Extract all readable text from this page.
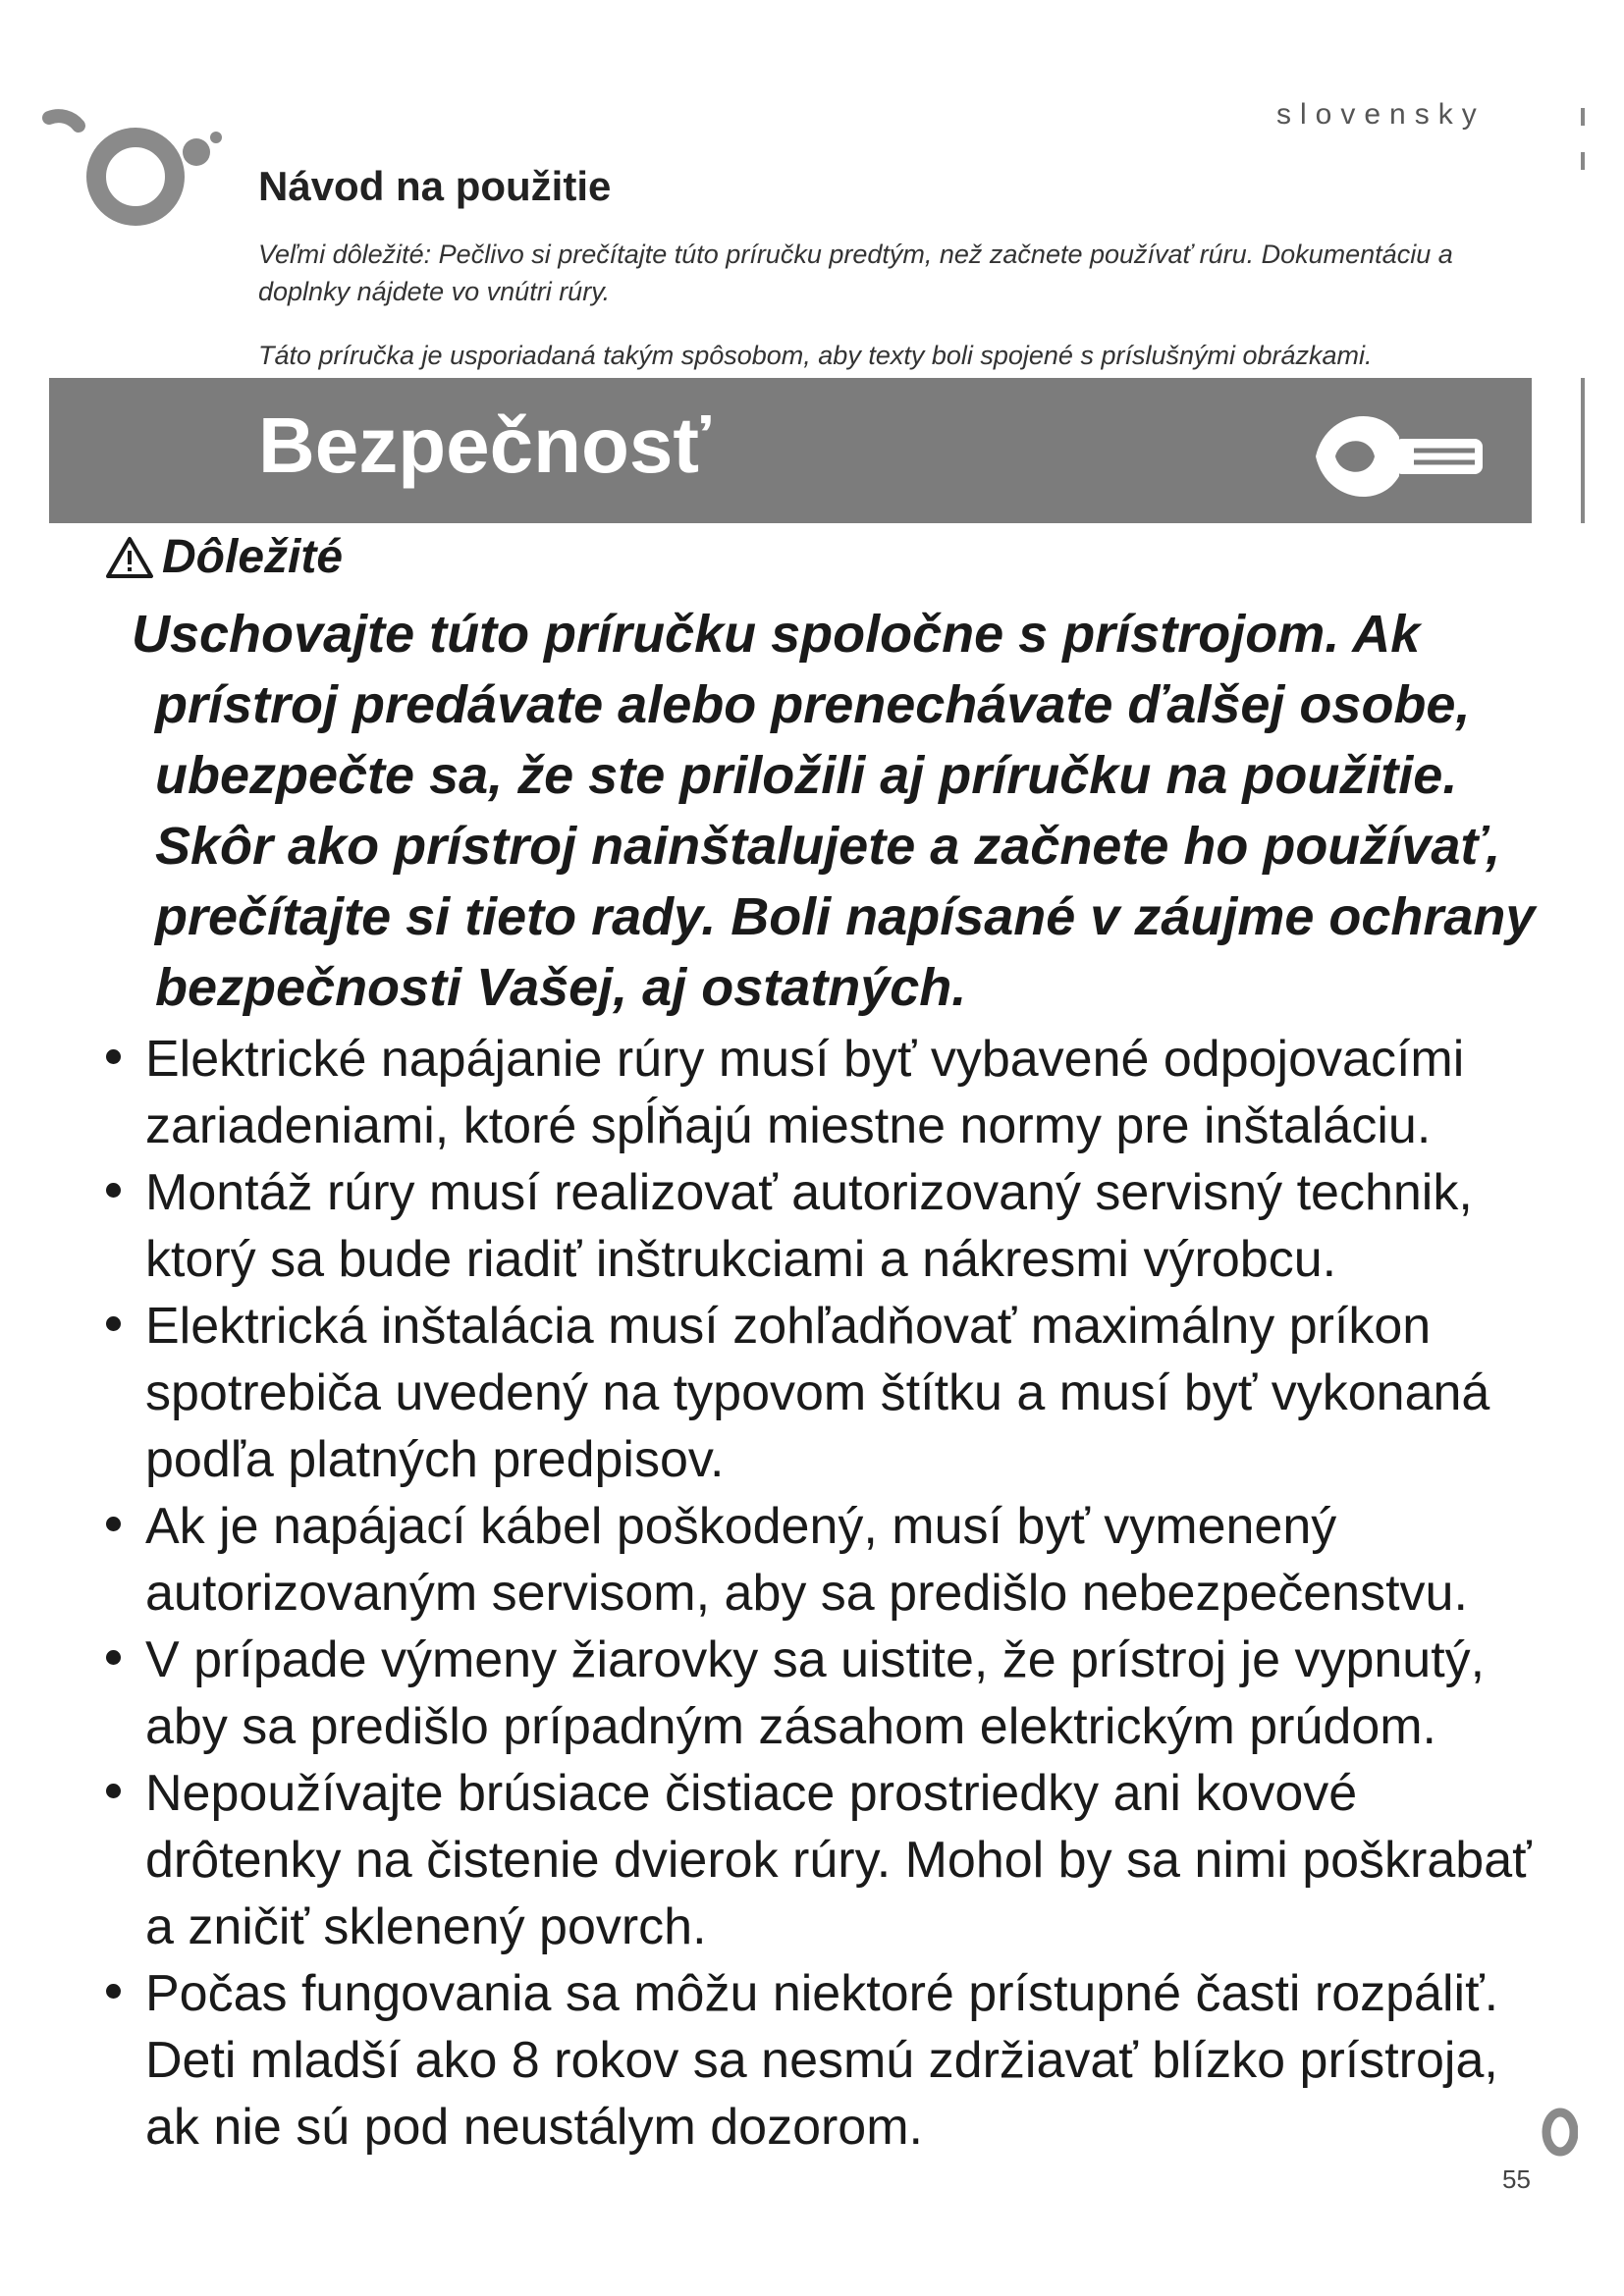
slovensky
Návod na použitie
Veľmi dôležité: Pečlivo si prečítajte túto príručku predtým, než začnete používať rúru. Dokumentáciu a doplnky nájdete vo vnútri rúry.
Táto príručka je usporiadaná takým spôsobom, aby texty boli spojené s príslušnými obrázkami.
Bezpečnosť
Dôležité
Uschovajte túto príručku spoločne s prístrojom. Ak prístroj predávate alebo prenechávate ďalšej osobe, ubezpečte sa, že ste priložili aj príručku na použitie. Skôr ako prístroj nainštalujete a začnete ho používať, prečítajte si tieto rady. Boli napísané v záujme ochrany bezpečnosti Vašej, aj ostatných.
Elektrické napájanie rúry musí byť vybavené odpojovacími zariadeniami, ktoré spĺňajú miestne normy pre inštaláciu.
Montáž rúry musí realizovať autorizovaný servisný technik, ktorý sa bude riadiť inštrukciami a nákresmi výrobcu.
Elektrická inštalácia musí zohľadňovať maximálny príkon spotrebiča uvedený na typovom štítku a musí byť vykonaná podľa platných predpisov.
Ak je napájací kábel poškodený, musí byť vymenený autorizovaným servisom, aby sa predišlo nebezpečenstvu.
V prípade výmeny žiarovky sa uistite, že prístroj je vypnutý, aby sa predišlo prípadným zásahom elektrickým prúdom.
Nepoužívajte brúsiace čistiace prostriedky ani kovové drôtenky na čistenie dvierok rúry. Mohol by sa nimi poškrabať a zničiť sklenený povrch.
Počas fungovania sa môžu niektoré prístupné časti rozpáliť. Deti mladší ako 8 rokov sa nesmú zdržiavať blízko prístroja, ak nie sú pod neustálym dozorom.
55
